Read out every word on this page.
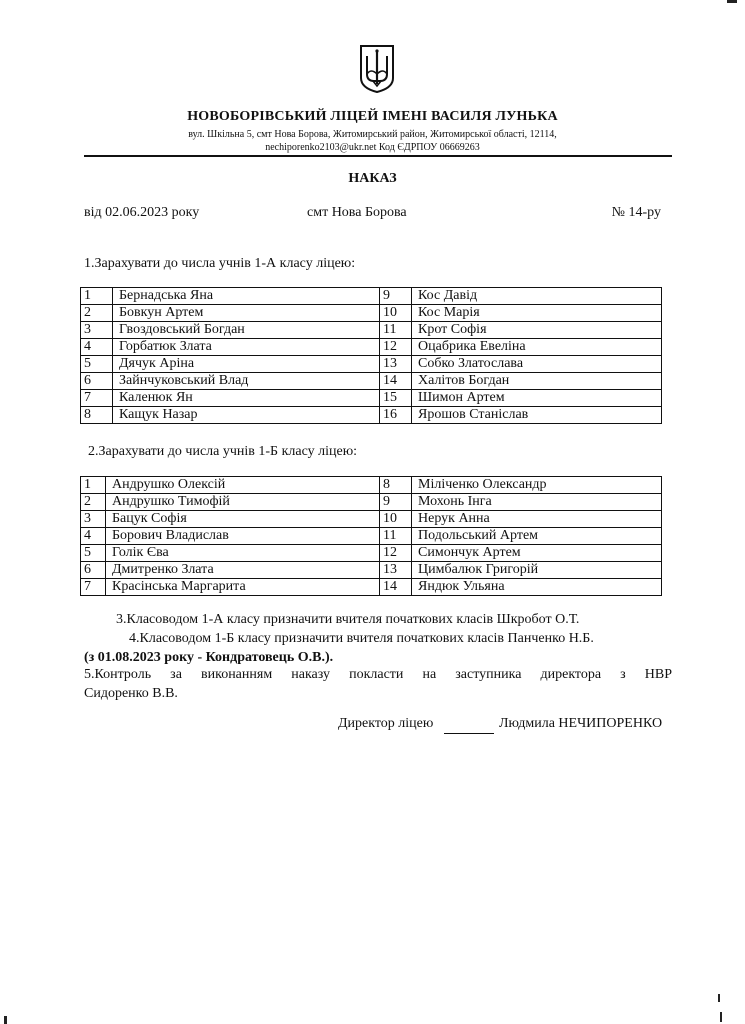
НОВОБОРІВСЬКИЙ ЛІЦЕЙ ІМЕНІ ВАСИЛЯ ЛУНЬКА
вул. Шкільна 5, смт Нова Борова, Житомирський район, Житомирської області, 12114,
nechiporenko2103@ukr.net Код ЄДРПОУ 06669263
НАКАЗ
від 02.06.2023 року	смт Нова Борова	№ 14-ру
1.Зарахувати до числа учнів 1-А класу ліцею:
1	Бернадська Яна	9	Кос Давід
2	Бовкун Артем	10	Кос Марія
3	Гвоздовський Богдан	11	Крот Софія
4	Горбатюк Злата	12	Оцабрика Евеліна
5	Дячук Аріна	13	Собко Златослава
6	Зайнчуковський Влад	14	Халітов Богдан
7	Каленюк Ян	15	Шимон Артем
8	Кащук Назар	16	Ярошов Станіслав
2.Зарахувати до числа учнів 1-Б класу ліцею:
1	Андрушко Олексій	8	Міліченко Олександр
2	Андрушко Тимофій	9	Мохонь Інга
3	Бацук Софія	10	Нерук Анна
4	Борович Владислав	11	Подольський Артем
5	Голік Єва	12	Симончук Артем
6	Дмитренко Злата	13	Цимбалюк Григорій
7	Красінська Маргарита	14	Яндюк Ульяна
3.Класоводом 1-А класу призначити вчителя початкових класів Шкробот О.Т.
4.Класоводом 1-Б класу призначити вчителя початкових класів Панченко Н.Б.
(з 01.08.2023 року - Кондратовець О.В.).
5.Контроль за виконанням наказу покласти на заступника директора з НВР
Сидоренко В.В.
Директор ліцею	Людмила НЕЧИПОРЕНКО
